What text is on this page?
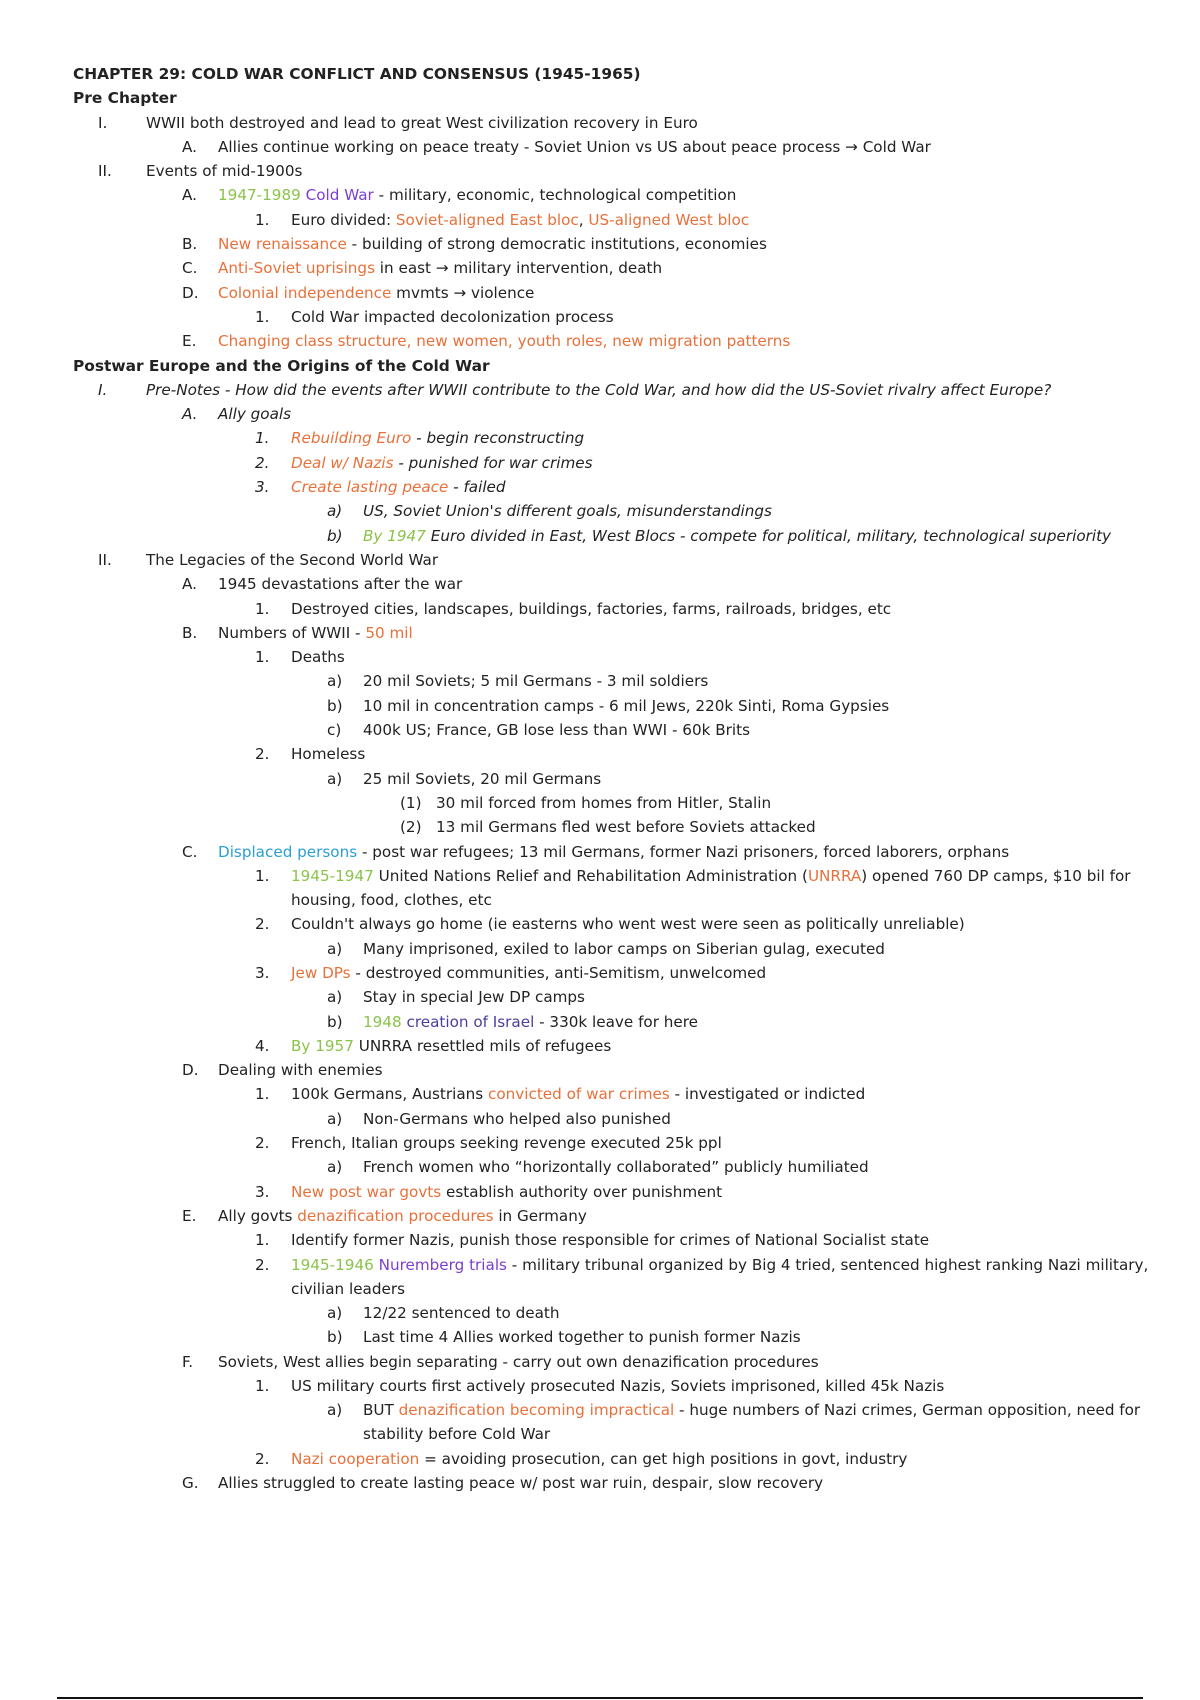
CHAPTER 29: COLD WAR CONFLICT AND CONSENSUS (1945-1965)
Pre Chapter
I.	WWII both destroyed and lead to great West civilization recovery in Euro
A. Allies continue working on peace treaty - Soviet Union vs US about peace process → Cold War
II. Events of mid-1900s
A. 1947-1989 Cold War - military, economic, technological competition
1. Euro divided: Soviet-aligned East bloc, US-aligned West bloc
B. New renaissance - building of strong democratic institutions, economies
C. Anti-Soviet uprisings in east → military intervention, death
D. Colonial independence mvmts → violence
1. Cold War impacted decolonization process
E. Changing class structure, new women, youth roles, new migration patterns
Postwar Europe and the Origins of the Cold War
I.	Pre-Notes - How did the events after WWII contribute to the Cold War, and how did the US-Soviet rivalry affect Europe?
A. Ally goals
1. Rebuilding Euro - begin reconstructing
2. Deal w/ Nazis - punished for war crimes
3. Create lasting peace - failed
a) US, Soviet Union's different goals, misunderstandings
b) By 1947 Euro divided in East, West Blocs - compete for political, military, technological superiority
II. The Legacies of the Second World War
A. 1945 devastations after the war
1. Destroyed cities, landscapes, buildings, factories, farms, railroads, bridges, etc
B. Numbers of WWII - 50 mil
1. Deaths
a) 20 mil Soviets; 5 mil Germans - 3 mil soldiers
b) 10 mil in concentration camps - 6 mil Jews, 220k Sinti, Roma Gypsies
c) 400k US; France, GB lose less than WWI - 60k Brits
2. Homeless
a) 25 mil Soviets, 20 mil Germans
(1) 30 mil forced from homes from Hitler, Stalin
(2) 13 mil Germans fled west before Soviets attacked
C. Displaced persons - post war refugees; 13 mil Germans, former Nazi prisoners, forced laborers, orphans
1. 1945-1947 United Nations Relief and Rehabilitation Administration (UNRRA) opened 760 DP camps, $10 bil for housing, food, clothes, etc
2. Couldn't always go home (ie easterns who went west were seen as politically unreliable)
a) Many imprisoned, exiled to labor camps on Siberian gulag, executed
3. Jew DPs - destroyed communities, anti-Semitism, unwelcomed
a) Stay in special Jew DP camps
b) 1948 creation of Israel - 330k leave for here
4. By 1957 UNRRA resettled mils of refugees
D. Dealing with enemies
1. 100k Germans, Austrians convicted of war crimes - investigated or indicted
a) Non-Germans who helped also punished
2. French, Italian groups seeking revenge executed 25k ppl
a) French women who “horizontally collaborated” publicly humiliated
3. New post war govts establish authority over punishment
E. Ally govts denazification procedures in Germany
1. Identify former Nazis, punish those responsible for crimes of National Socialist state
2. 1945-1946 Nuremberg trials - military tribunal organized by Big 4 tried, sentenced highest ranking Nazi military, civilian leaders
a) 12/22 sentenced to death
b) Last time 4 Allies worked together to punish former Nazis
F. Soviets, West allies begin separating - carry out own denazification procedures
1. US military courts first actively prosecuted Nazis, Soviets imprisoned, killed 45k Nazis
a) BUT denazification becoming impractical - huge numbers of Nazi crimes, German opposition, need for stability before Cold War
2. Nazi cooperation = avoiding prosecution, can get high positions in govt, industry
G. Allies struggled to create lasting peace w/ post war ruin, despair, slow recovery
